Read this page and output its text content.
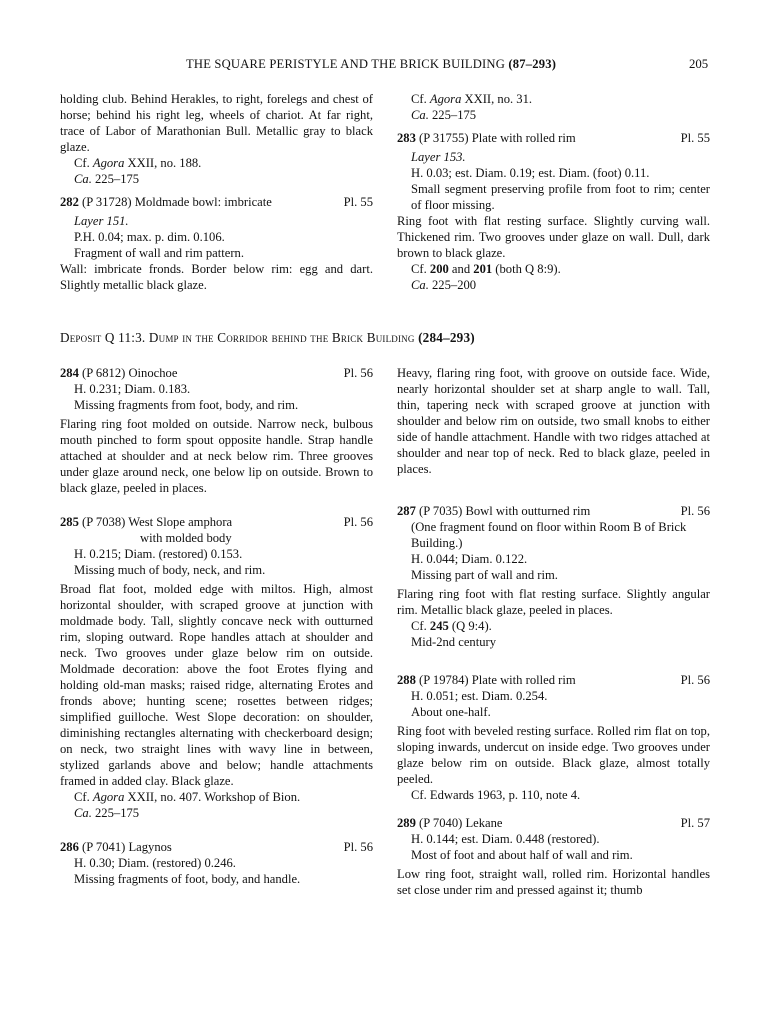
THE SQUARE PERISTYLE AND THE BRICK BUILDING (87–293)	205

holding club. Behind Herakles, to right, forelegs and chest of horse; behind his right leg, wheels of chariot. At far right, trace of Labor of Marathonian Bull. Metallic gray to black glaze.

Cf. Agora XXII, no. 188.

Ca. 225–175

282 (P 31728) Moldmade bowl: imbricate	Pl. 55

Layer 151.

P.H. 0.04; max. p. dim. 0.106.

Fragment of wall and rim pattern.

Wall: imbricate fronds. Border below rim: egg and dart. Slightly metallic black glaze.

Cf. Agora XXII, no. 31.

Ca. 225–175

283 (P 31755) Plate with rolled rim	Pl. 55

Layer 153.

H. 0.03; est. Diam. 0.19; est. Diam. (foot) 0.11.

Small segment preserving profile from foot to rim; center of floor missing.

Ring foot with flat resting surface. Slightly curving wall. Thickened rim. Two grooves under glaze on wall. Dull, dark brown to black glaze.

Cf. 200 and 201 (both Q 8:9).

Ca. 225–200

Deposit Q 11:3. Dump in the Corridor behind the Brick Building (284–293)
284 (P 6812) Oinochoe	Pl. 56

H. 0.231; Diam. 0.183.

Missing fragments from foot, body, and rim.

Flaring ring foot molded on outside. Narrow neck, bulbous mouth pinched to form spout opposite handle. Strap handle attached at shoulder and at neck below rim. Three grooves under glaze around neck, one below lip on outside. Brown to black glaze, peeled in places.

285 (P 7038) West Slope amphora	Pl. 56

with molded body

H. 0.215; Diam. (restored) 0.153.

Missing much of body, neck, and rim.

Broad flat foot, molded edge with miltos. High, almost horizontal shoulder, with scraped groove at junction with moldmade body. Tall, slightly concave neck with outturned rim, sloping outward. Rope handles attach at shoulder and neck. Two grooves under glaze below rim on outside. Moldmade decoration: above the foot Erotes flying and holding old-man masks; raised ridge, alternating Erotes and fronds above; hunting scene; rosettes between ridges; simplified guilloche. West Slope decoration: on shoulder, diminishing rectangles alternating with checkerboard design; on neck, two straight lines with wavy line in between, stylized garlands above and below; handle attachments framed in added clay. Black glaze.

Cf. Agora XXII, no. 407. Workshop of Bion.

Ca. 225–175

286 (P 7041) Lagynos	Pl. 56

H. 0.30; Diam. (restored) 0.246.

Missing fragments of foot, body, and handle.

Heavy, flaring ring foot, with groove on outside face. Wide, nearly horizontal shoulder set at sharp angle to wall. Tall, thin, tapering neck with scraped groove at junction with shoulder and below rim on outside, two small knobs to either side of handle attachment. Handle with two ridges attached at shoulder and near top of neck. Red to black glaze, peeled in places.

287 (P 7035) Bowl with outturned rim	Pl. 56

(One fragment found on floor within Room B of Brick Building.)

H. 0.044; Diam. 0.122.

Missing part of wall and rim.

Flaring ring foot with flat resting surface. Slightly angular rim. Metallic black glaze, peeled in places.

Cf. 245 (Q 9:4).

Mid-2nd century

288 (P 19784) Plate with rolled rim	Pl. 56

H. 0.051; est. Diam. 0.254.

About one-half.

Ring foot with beveled resting surface. Rolled rim flat on top, sloping inwards, undercut on inside edge. Two grooves under glaze below rim on outside. Black glaze, almost totally peeled.

Cf. Edwards 1963, p. 110, note 4.

289 (P 7040) Lekane	Pl. 57

H. 0.144; est. Diam. 0.448 (restored).

Most of foot and about half of wall and rim.

Low ring foot, straight wall, rolled rim. Horizontal handles set close under rim and pressed against it; thumb
